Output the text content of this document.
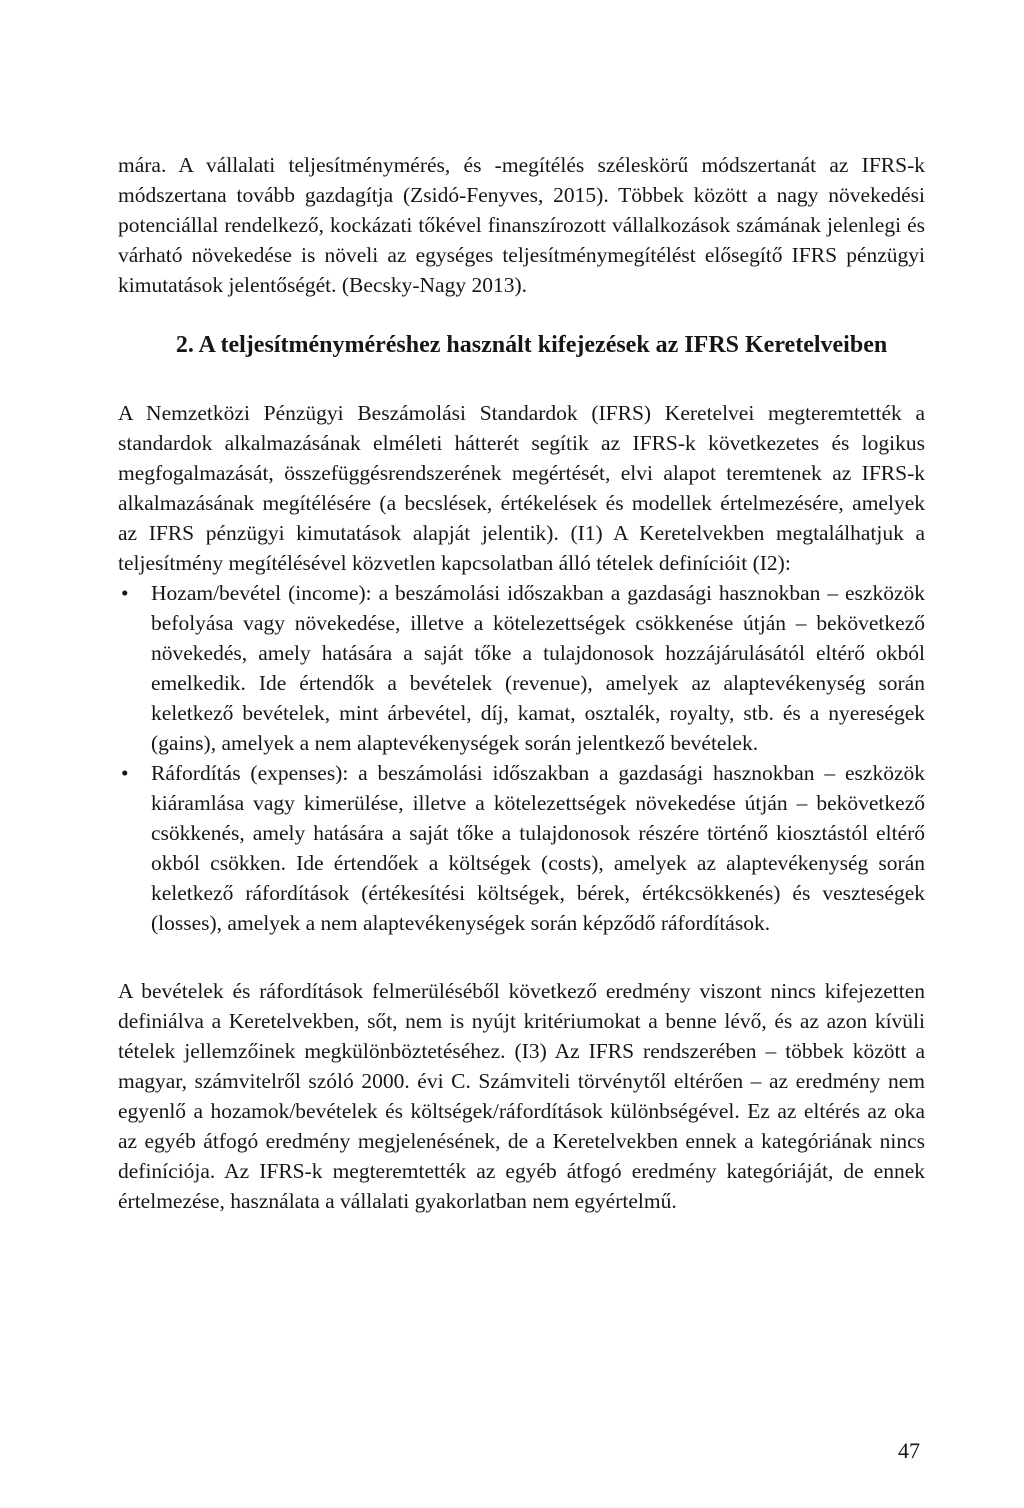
mára. A vállalati teljesítménymérés, és -megítélés széleskörű módszertanát az IFRS-k módszertana tovább gazdagítja (Zsidó-Fenyves, 2015). Többek között a nagy növekedési potenciállal rendelkező, kockázati tőkével finanszírozott vállalkozások számának jelenlegi és várható növekedése is növeli az egységes teljesítménymegítélést elősegítő IFRS pénzügyi kimutatások jelentőségét. (Becsky-Nagy 2013).

2. A teljesítményméréshez használt kifejezések az IFRS Keretelveiben

A Nemzetközi Pénzügyi Beszámolási Standardok (IFRS) Keretelvei megteremtették a standardok alkalmazásának elméleti hátterét segítik az IFRS-k következetes és logikus megfogalmazását, összefüggésrendszerének megértését, elvi alapot teremtenek az IFRS-k alkalmazásának megítélésére (a becslések, értékelések és modellek értelmezésére, amelyek az IFRS pénzügyi kimutatások alapját jelentik). (I1) A Keretelvekben megtalálhatjuk a teljesítmény megítélésével közvetlen kapcsolatban álló tételek definícióit (I2):

• Hozam/bevétel (income): a beszámolási időszakban a gazdasági hasznokban – eszközök befolyása vagy növekedése, illetve a kötelezettségek csökkenése útján – bekövetkező növekedés, amely hatására a saját tőke a tulajdonosok hozzájárulásától eltérő okból emelkedik. Ide értendők a bevételek (revenue), amelyek az alaptevékenység során keletkező bevételek, mint árbevétel, díj, kamat, osztalék, royalty, stb. és a nyereségek (gains), amelyek a nem alaptevékenységek során jelentkező bevételek.

• Ráfordítás (expenses): a beszámolási időszakban a gazdasági hasznokban – eszközök kiáramlása vagy kimerülése, illetve a kötelezettségek növekedése útján – bekövetkező csökkenés, amely hatására a saját tőke a tulajdonosok részére történő kiosztástól eltérő okból csökken. Ide értendőek a költségek (costs), amelyek az alaptevékenység során keletkező ráfordítások (értékesítési költségek, bérek, értékcsökkenés) és veszteségek (losses), amelyek a nem alaptevékenységek során képződő ráfordítások.

A bevételek és ráfordítások felmerüléséből következő eredmény viszont nincs kifejezetten definiálva a Keretelvekben, sőt, nem is nyújt kritériumokat a benne lévő, és az azon kívüli tételek jellemzőinek megkülönböztetéséhez. (I3) Az IFRS rendszerében – többek között a magyar, számvitelről szóló 2000. évi C. Számviteli törvénytől eltérően – az eredmény nem egyenlő a hozamok/bevételek és költségek/ráfordítások különbségével. Ez az eltérés az oka az egyéb átfogó eredmény megjelenésének, de a Keretelvekben ennek a kategóriának nincs definíciója. Az IFRS-k megteremtették az egyéb átfogó eredmény kategóriáját, de ennek értelmezése, használata a vállalati gyakorlatban nem egyértelmű.

47
